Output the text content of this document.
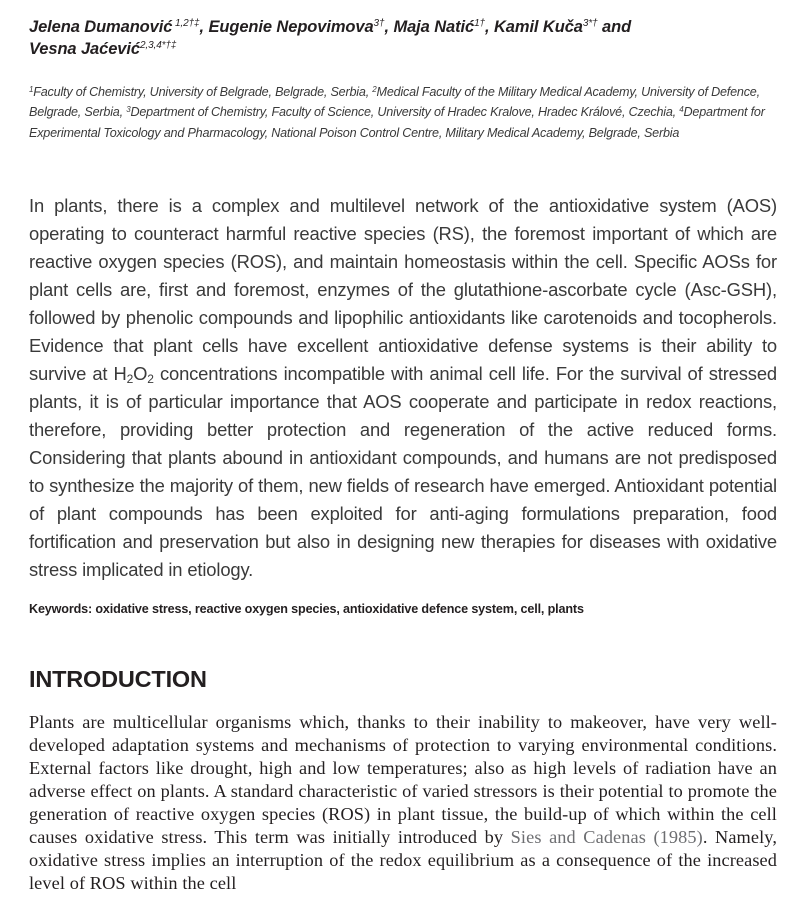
Jelena Dumanović $^{1,2\dagger\ddagger}$, Eugenie Nepovimova$^{3\dagger}$, Maja Natić$^{1\dagger}$, Kamil Kuča$^{3*\dagger}$ and
Vesna Jaćević$^{2,3,4*\dagger\ddagger}$
$^1$Faculty of Chemistry, University of Belgrade, Belgrade, Serbia, $^2$Medical Faculty of the Military Medical Academy, University of Defence, Belgrade, Serbia, $^3$Department of Chemistry, Faculty of Science, University of Hradec Kralove, Hradec Králové, Czechia, $^4$Department for Experimental Toxicology and Pharmacology, National Poison Control Centre, Military Medical Academy, Belgrade, Serbia
In plants, there is a complex and multilevel network of the antioxidative system (AOS) operating to counteract harmful reactive species (RS), the foremost important of which are reactive oxygen species (ROS), and maintain homeostasis within the cell. Specific AOSs for plant cells are, first and foremost, enzymes of the glutathione-ascorbate cycle (Asc-GSH), followed by phenolic compounds and lipophilic antioxidants like carotenoids and tocopherols. Evidence that plant cells have excellent antioxidative defense systems is their ability to survive at $H_2O_2$ concentrations incompatible with animal cell life. For the survival of stressed plants, it is of particular importance that AOS cooperate and participate in redox reactions, therefore, providing better protection and regeneration of the active reduced forms. Considering that plants abound in antioxidant compounds, and humans are not predisposed to synthesize the majority of them, new fields of research have emerged. Antioxidant potential of plant compounds has been exploited for anti-aging formulations preparation, food fortification and preservation but also in designing new therapies for diseases with oxidative stress implicated in etiology.
Keywords: oxidative stress, reactive oxygen species, antioxidative defence system, cell, plants
INTRODUCTION
Plants are multicellular organisms which, thanks to their inability to makeover, have very well-developed adaptation systems and mechanisms of protection to varying environmental conditions. External factors like drought, high and low temperatures; also as high levels of radiation have an adverse effect on plants. A standard characteristic of varied stressors is their potential to promote the generation of reactive oxygen species (ROS) in plant tissue, the build-up of which within the cell causes oxidative stress. This term was initially introduced by Sies and Cadenas (1985). Namely, oxidative stress implies an interruption of the redox equilibrium as a consequence of the increased level of ROS within the cell
